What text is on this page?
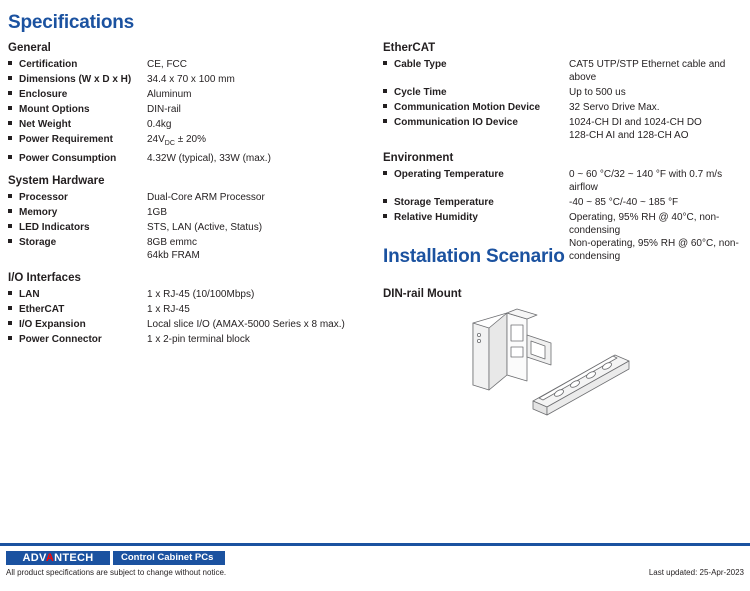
Specifications
General
	Certification	CE, FCC
	Dimensions (W x D x H)	34.4 x 70 x 100 mm
	Enclosure	Aluminum
	Mount Options	DIN-rail
	Net Weight	0.4kg
	Power Requirement	$24V_{DC} \pm 20\%$
	Power Consumption	4.32W (typical), 33W (max.)
System Hardware
	Processor	Dual-Core ARM Processor
	Memory	1GB
	LED Indicators	STS, LAN (Active, Status)
	Storage	8GB emmc
64kb FRAM
I/O Interfaces
	LAN	1 x RJ-45 (10/100Mbps)
	EtherCAT	1 x RJ-45
	I/O Expansion	Local slice I/O (AMAX-5000 Series x 8 max.)
	Power Connector	1 x 2-pin terminal block
EtherCAT
	Cable Type	CAT5 UTP/STP Ethernet cable and above
	Cycle Time	Up to 500 us
	Communication Motion Device	32 Servo Drive Max.
	Communication IO Device	1024-CH DI and 1024-CH DO
128-CH AI and 128-CH AO
Environment
	Operating Temperature	0 ~ 60 °C/32 ~ 140 °F with 0.7 m/s airflow
	Storage Temperature	-40 ~ 85 °C/-40 ~ 185 °F
	Relative Humidity	Operating, 95% RH @ 40°C, non-condensing
Non-operating, 95% RH @ 60°C, non-condensing
Installation Scenario
DIN-rail Mount
ADVANTECH	Control Cabinet PCs
All product specifications are subject to change without notice.	Last updated: 25-Apr-2023
